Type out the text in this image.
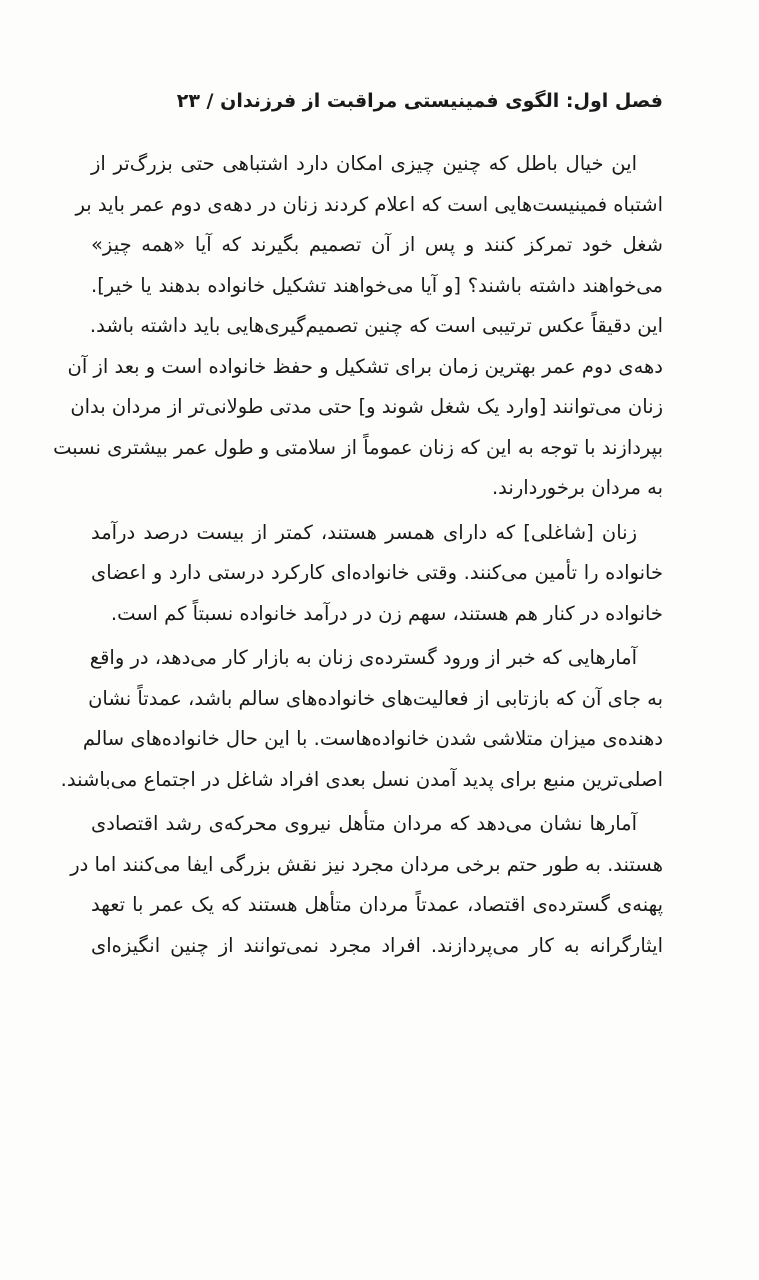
فصل اول: الگوی فمینیستی مراقبت از فرزندان / ۲۳
این خیال باطل که چنین چیزی امکان دارد اشتباهی حتی بزرگ‌تر از
اشتباه فمینیست‌هایی است که اعلام کردند زنان در دهه‌ی دوم عمر باید بر
شغل خود تمرکز کنند و پس از آن تصمیم بگیرند که آیا «همه چیز»
می‌خواهند داشته باشند؟ [و آیا می‌خواهند تشکیل خانواده بدهند یا خیر].
این دقیقاً عکس ترتیبی است که چنین تصمیم‌گیری‌هایی باید داشته باشد.
دهه‌ی دوم عمر بهترین زمان برای تشکیل و حفظ خانواده است و بعد از آن
زنان می‌توانند [وارد یک شغل شوند و] حتی مدتی طولانی‌تر از مردان بدان
بپردازند با توجه به این که زنان عموماً از سلامتی و طول عمر بیشتری نسبت
به مردان برخوردارند.
زنان [شاغلی] که دارای همسر هستند، کمتر از بیست درصد درآمد
خانواده را تأمین می‌کنند. وقتی خانواده‌ای کارکرد درستی دارد و اعضای
خانواده در کنار هم هستند، سهم زن در درآمد خانواده نسبتاً کم است.
آمارهایی که خبر از ورود گسترده‌ی زنان به بازار کار می‌دهد، در واقع
به جای آن که بازتابی از فعالیت‌های خانواده‌های سالم باشد، عمدتاً نشان
دهنده‌ی میزان متلاشی شدن خانواده‌هاست. با این حال خانواده‌های سالم
اصلی‌ترین منبع برای پدید آمدن نسل بعدی افراد شاغل در اجتماع می‌باشند.
آمارها نشان می‌دهد که مردان متأهل نیروی محرکه‌ی رشد اقتصادی
هستند. به طور حتم برخی مردان مجرد نیز نقش بزرگی ایفا می‌کنند اما در
پهنه‌ی گسترده‌ی اقتصاد، عمدتاً مردان متأهل هستند که یک عمر با تعهد
ایثارگرانه به کار می‌پردازند. افراد مجرد نمی‌توانند از چنین انگیزه‌ای
